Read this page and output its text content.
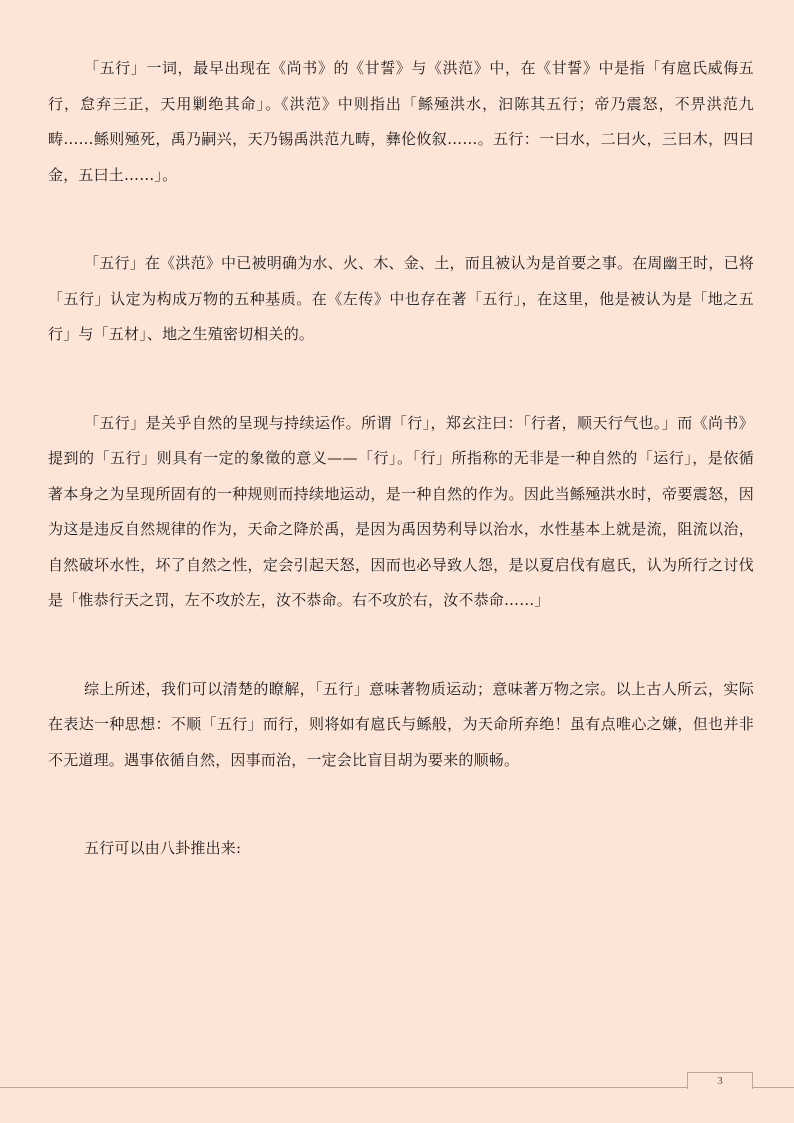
「五行」一词，最早出现在《尚书》的《甘誓》与《洪范》中，在《甘誓》中是指「有扈氏威侮五行，怠弃三正，天用剿绝其命」。《洪范》中则指出「鲧殛洪水，汩陈其五行；帝乃震怒，不畀洪范九畴……鲧则殛死，禹乃嗣兴，天乃锡禹洪范九畴，彝伦攸叙……。五行：一曰水，二曰火，三曰木，四曰金，五曰土……」。

「五行」在《洪范》中已被明确为水、火、木、金、土，而且被认为是首要之事。在周幽王时，已将「五行」认定为构成万物的五种基质。在《左传》中也存在著「五行」，在这里，他是被认为是「地之五行」与「五材」、地之生殖密切相关的。

「五行」是关乎自然的呈现与持续运作。所谓「行」，郑玄注曰：「行者，顺天行气也。」而《尚书》提到的「五行」则具有一定的象徵的意义——「行」。「行」所指称的无非是一种自然的「运行」，是依循著本身之为呈现所固有的一种规则而持续地运动，是一种自然的作为。因此当鲧殛洪水时，帝要震怒，因为这是违反自然规律的作为，天命之降於禹，是因为禹因势利导以治水，水性基本上就是流，阻流以治，自然破坏水性，坏了自然之性，定会引起天怒，因而也必导致人怨，是以夏启伐有扈氏，认为所行之讨伐是「惟恭行天之罚，左不攻於左，汝不恭命。右不攻於右，汝不恭命……」

综上所述，我们可以清楚的瞭解，「五行」意味著物质运动；意味著万物之宗。以上古人所云，实际在表达一种思想：不顺「五行」而行，则将如有扈氏与鲧般，为天命所弃绝！虽有点唯心之嫌，但也并非不无道理。遇事依循自然，因事而治，一定会比盲目胡为要来的顺畅。

五行可以由八卦推出来:

3
